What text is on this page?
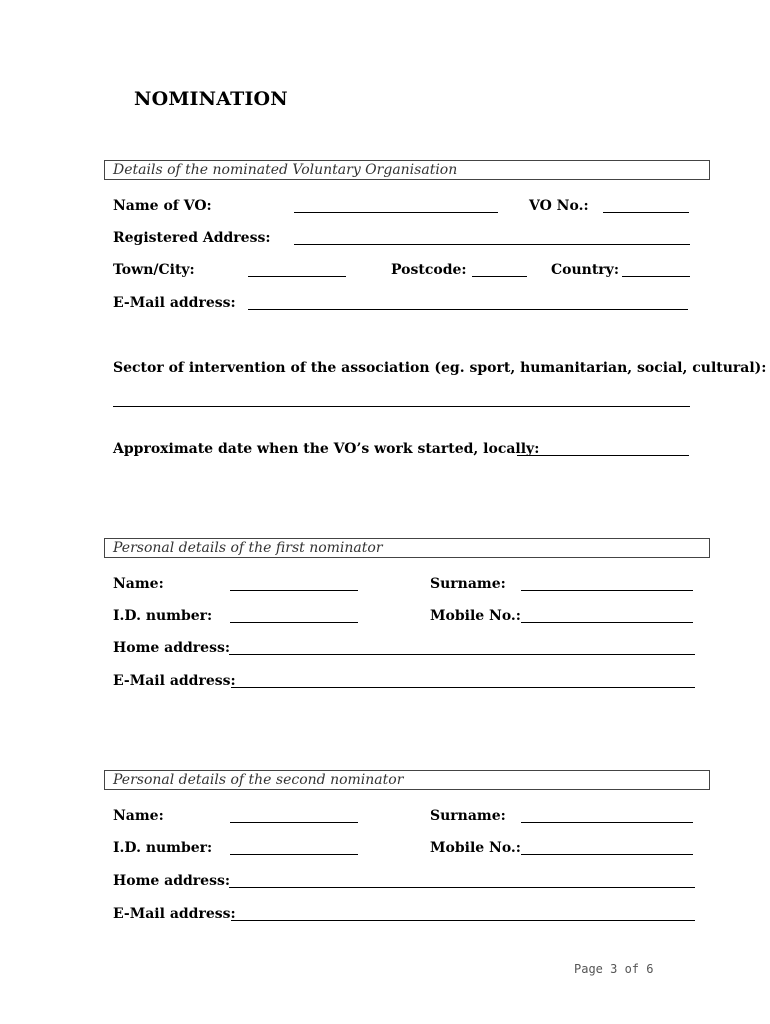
NOMINATION
Details of the nominated Voluntary Organisation
Name of VO:	VO No.:
Registered Address:
Town/City:	Postcode:	Country:
E-Mail address:
Sector of intervention of the association (eg. sport, humanitarian, social, cultural):
Approximate date when the VO’s work started, locally:
Personal details of the first nominator
Name:	Surname:
I.D. number:	Mobile No.:
Home address:
E-Mail address:
Personal details of the second nominator
Name:	Surname:
I.D. number:	Mobile No.:
Home address:
E-Mail address:
Page 3 of 6
